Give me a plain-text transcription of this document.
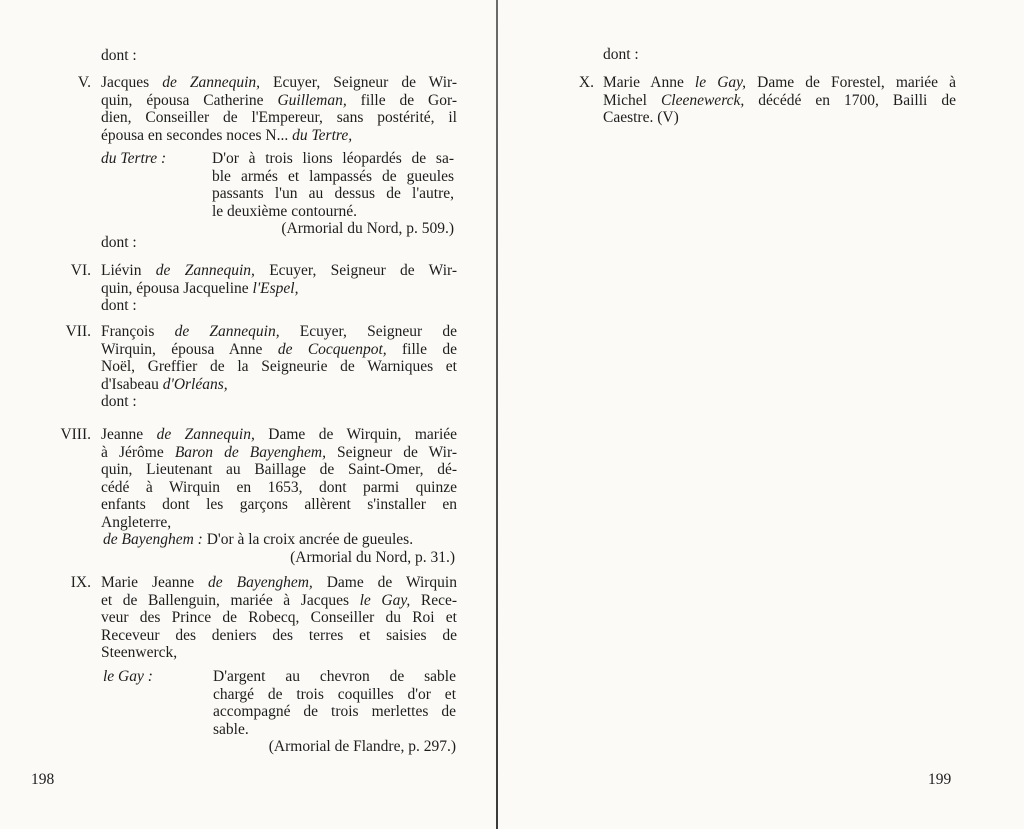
dont :
V. Jacques de Zannequin, Ecuyer, Seigneur de Wir-
quin, épousa Catherine Guilleman, fille de Gor-
dien, Conseiller de l'Empereur, sans postérité, il
épousa en secondes noces N... du Tertre,
du Tertre :	D'or à trois lions léopardés de sa-
ble armés et lampassés de gueules
passants l'un au dessus de l'autre,
le deuxième contourné.
(Armorial du Nord, p. 509.)
dont :
VI. Liévin de Zannequin, Ecuyer, Seigneur de Wir-
quin, épousa Jacqueline l'Espel,
dont :
VII. François de Zannequin, Ecuyer, Seigneur de
Wirquin, épousa Anne de Cocquenpot, fille de
Noël, Greffier de la Seigneurie de Warniques et
d'Isabeau d'Orléans,
dont :
VIII. Jeanne de Zannequin, Dame de Wirquin, mariée
à Jérôme Baron de Bayenghem, Seigneur de Wir-
quin, Lieutenant au Baillage de Saint-Omer, dé-
cédé à Wirquin en 1653, dont parmi quinze
enfants dont les garçons allèrent s'installer en
Angleterre,
de Bayenghem : D'or à la croix ancrée de gueules.
(Armorial du Nord, p. 31.)
IX. Marie Jeanne de Bayenghem, Dame de Wirquin
et de Ballenguin, mariée à Jacques le Gay, Rece-
veur des Prince de Robecq, Conseiller du Roi et
Receveur des deniers des terres et saisies de
Steenwerck,
le Gay :	D'argent au chevron de sable
chargé de trois coquilles d'or et
accompagné de trois merlettes de
sable.
(Armorial de Flandre, p. 297.)
198
dont :
X. Marie Anne le Gay, Dame de Forestel, mariée à
Michel Cleenewerck, décédé en 1700, Bailli de
Caestre. (V)
199
